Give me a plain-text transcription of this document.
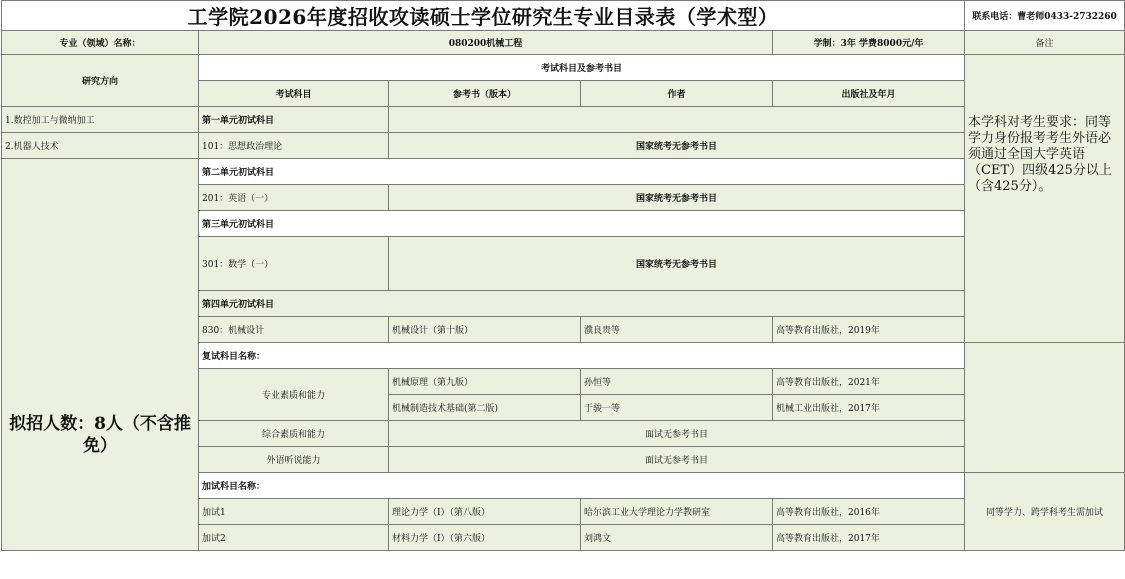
工学院2026年度招收攻读硕士学位研究生专业目录表（学术型）					联系电话：曹老师0433-2732260
专业（领域）名称：	080200机械工程			学制：3年 学费8000元/年	备注
研究方向	考试科目及参考书目				本学科对考生要求：同等学力身份报考考生外语必须通过全国大学英语（CET）四级425分以上（含425分）。
	考试科目	参考书（版本）	作者	出版社及年月	
1.数控加工与微纳加工	第一单元初试科目				
2.机器人技术	101：思想政治理论	国家统考无参考书目			
拟招人数：8人（不含推免）	第二单元初试科目				
	201：英语（一）	国家统考无参考书目			
	第三单元初试科目				
	301：数学（一）	国家统考无参考书目			
	第四单元初试科目				
	830：机械设计	机械设计（第十版）	濮良贵等	高等教育出版社，2019年	
	复试科目名称：				
	专业素质和能力	机械原理（第九版）	孙恒等	高等教育出版社，2021年	
		机械制造技术基础(第二版)	于骏一等	机械工业出版社，2017年	
	综合素质和能力	面试无参考书目			
	外语听说能力	面试无参考书目			
	加试科目名称：				同等学力、跨学科考生需加试
	加试1	理论力学（Ⅰ）（第八版）	哈尔滨工业大学理论力学教研室	高等教育出版社，2016年	
	加试2	材料力学（Ⅰ）（第六版）	刘鸿文	高等教育出版社，2017年	
